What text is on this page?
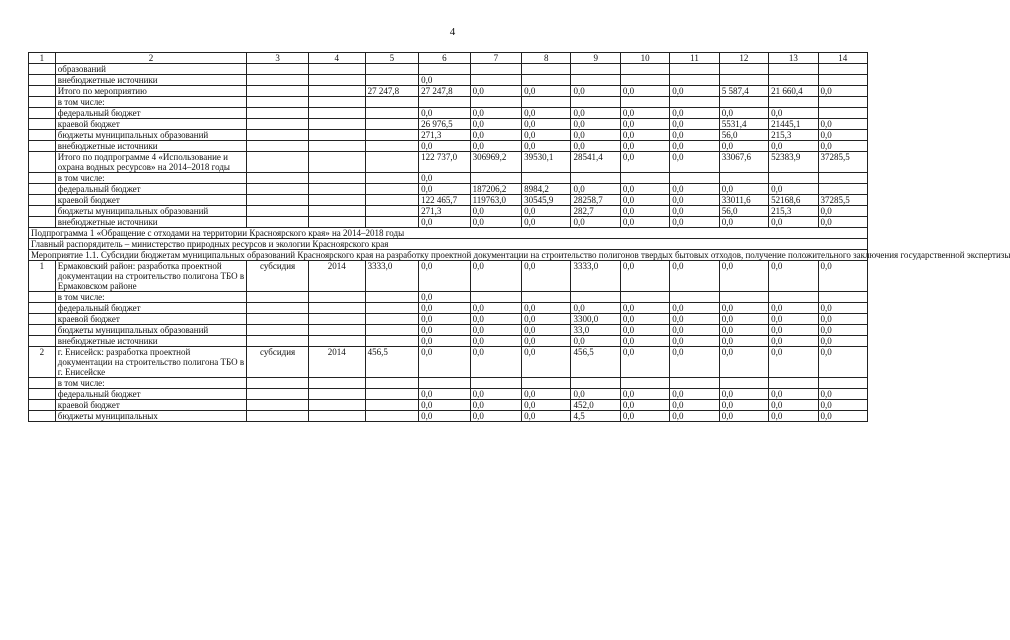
4
1	2	3	4	5	6	7	8	9	10	11	12	13	14
	образований												
	внебюджетные источники				0,0								
	Итого по мероприятию			27 247,8	27 247,8	0,0	0,0	0,0	0,0	0,0	5 587,4	21 660,4	0,0
	в том числе:												
	федеральный бюджет				0,0	0,0	0,0	0,0	0,0	0,0	0,0	0,0	
	краевой бюджет				26 976,5	0,0	0,0	0,0	0,0	0,0	5531,4	21445,1	0,0
	бюджеты муниципальных образований				271,3	0,0	0,0	0,0	0,0	0,0	56,0	215,3	0,0
	внебюджетные источники				0,0	0,0	0,0	0,0	0,0	0,0	0,0	0,0	0,0
	Итого по подпрограмме 4 «Использование и охрана водных ресурсов» на 2014–2018 годы				122 737,0	306969,2	39530,1	28541,4	0,0	0,0	33067,6	52383,9	37285,5
	в том числе:				0,0								
	федеральный бюджет				0,0	187206,2	8984,2	0,0	0,0	0,0	0,0	0,0	
	краевой бюджет				122 465,7	119763,0	30545,9	28258,7	0,0	0,0	33011,6	52168,6	37285,5
	бюджеты муниципальных образований				271,3	0,0	0,0	282,7	0,0	0,0	56,0	215,3	0,0
	внебюджетные источники				0,0	0,0	0,0	0,0	0,0	0,0	0,0	0,0	0,0
Подпрограмма 1 «Обращение с отходами на территории Красноярского края» на 2014–2018 годы													
Главный распорядитель – министерство природных ресурсов и экологии Красноярского края													
Мероприятие 1.1. Субсидии бюджетам муниципальных образований Красноярского края на разработку проектной документации на строительство полигонов твердых бытовых отходов, получение положительного заключения государственной экспертизы													
1	Ермаковский район: разработка проектной документации на строительство полигона ТБО в Ермаковском районе	субсидия	2014	3333,0	0,0	0,0	0,0	3333,0	0,0	0,0	0,0	0,0	0,0
	в том числе:				0,0								
	федеральный бюджет				0,0	0,0	0,0	0,0	0,0	0,0	0,0	0,0	0,0
	краевой бюджет				0,0	0,0	0,0	3300,0	0,0	0,0	0,0	0,0	0,0
	бюджеты муниципальных образований				0,0	0,0	0,0	33,0	0,0	0,0	0,0	0,0	0,0
	внебюджетные источники				0,0	0,0	0,0	0,0	0,0	0,0	0,0	0,0	0,0
2	г. Енисейск: разработка проектной документации на строительство полигона ТБО в г. Енисейске	субсидия	2014	456,5	0,0	0,0	0,0	456,5	0,0	0,0	0,0	0,0	0,0
	в том числе:												
	федеральный бюджет				0,0	0,0	0,0	0,0	0,0	0,0	0,0	0,0	0,0
	краевой бюджет				0,0	0,0	0,0	452,0	0,0	0,0	0,0	0,0	0,0
	бюджеты муниципальных				0,0	0,0	0,0	4,5	0,0	0,0	0,0	0,0	0,0
